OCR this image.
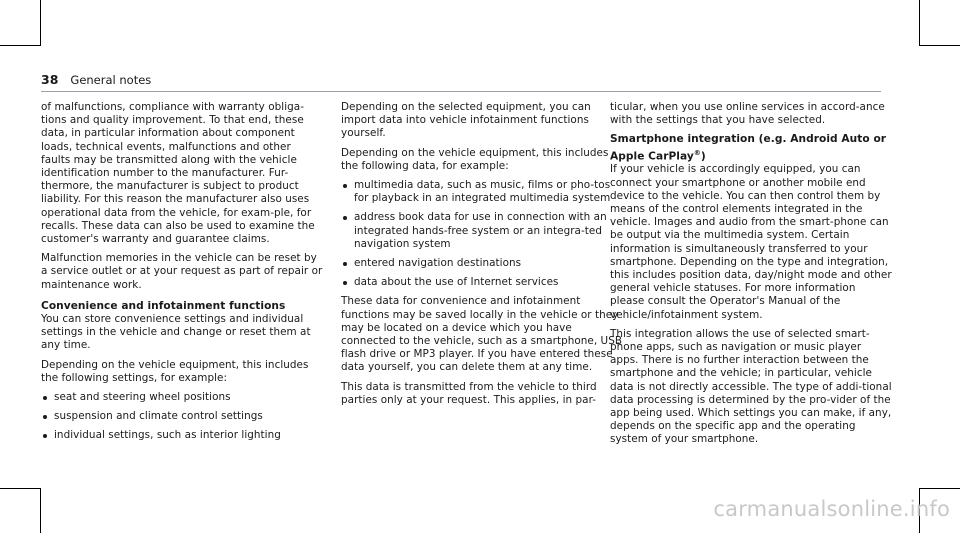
38 General notes

of malfunctions, compliance with warranty obliga-tions and quality improvement. To that end, these data, in particular information about component loads, technical events, malfunctions and other faults may be transmitted along with the vehicle identification number to the manufacturer. Fur-thermore, the manufacturer is subject to product liability. For this reason the manufacturer also uses operational data from the vehicle, for exam-ple, for recalls. These data can also be used to examine the customer's warranty and guarantee claims.

Malfunction memories in the vehicle can be reset by a service outlet or at your request as part of repair or maintenance work.

Convenience and infotainment functions

You can store convenience settings and individual settings in the vehicle and change or reset them at any time.

Depending on the vehicle equipment, this includes the following settings, for example:

seat and steering wheel positions
suspension and climate control settings
individual settings, such as interior lighting

Depending on the selected equipment, you can import data into vehicle infotainment functions yourself.

Depending on the vehicle equipment, this includes the following data, for example:

multimedia data, such as music, films or pho-tos for playback in an integrated multimedia system
address book data for use in connection with an integrated hands-free system or an integra-ted navigation system
entered navigation destinations
data about the use of Internet services

These data for convenience and infotainment functions may be saved locally in the vehicle or they may be located on a device which you have connected to the vehicle, such as a smartphone, USB flash drive or MP3 player. If you have entered these data yourself, you can delete them at any time.

This data is transmitted from the vehicle to third parties only at your request. This applies, in par-

ticular, when you use online services in accord-ance with the settings that you have selected.

Smartphone integration (e.g. Android Auto or
Apple CarPlay®)

If your vehicle is accordingly equipped, you can connect your smartphone or another mobile end device to the vehicle. You can then control them by means of the control elements integrated in the vehicle. Images and audio from the smart-phone can be output via the multimedia system. Certain information is simultaneously transferred to your smartphone. Depending on the type and integration, this includes position data, day/night mode and other general vehicle statuses. For more information please consult the Operator's Manual of the vehicle/infotainment system.

This integration allows the use of selected smart-phone apps, such as navigation or music player apps. There is no further interaction between the smartphone and the vehicle; in particular, vehicle data is not directly accessible. The type of addi-tional data processing is determined by the pro-vider of the app being used. Which settings you can make, if any, depends on the specific app and the operating system of your smartphone.

carmanualsonline.info
